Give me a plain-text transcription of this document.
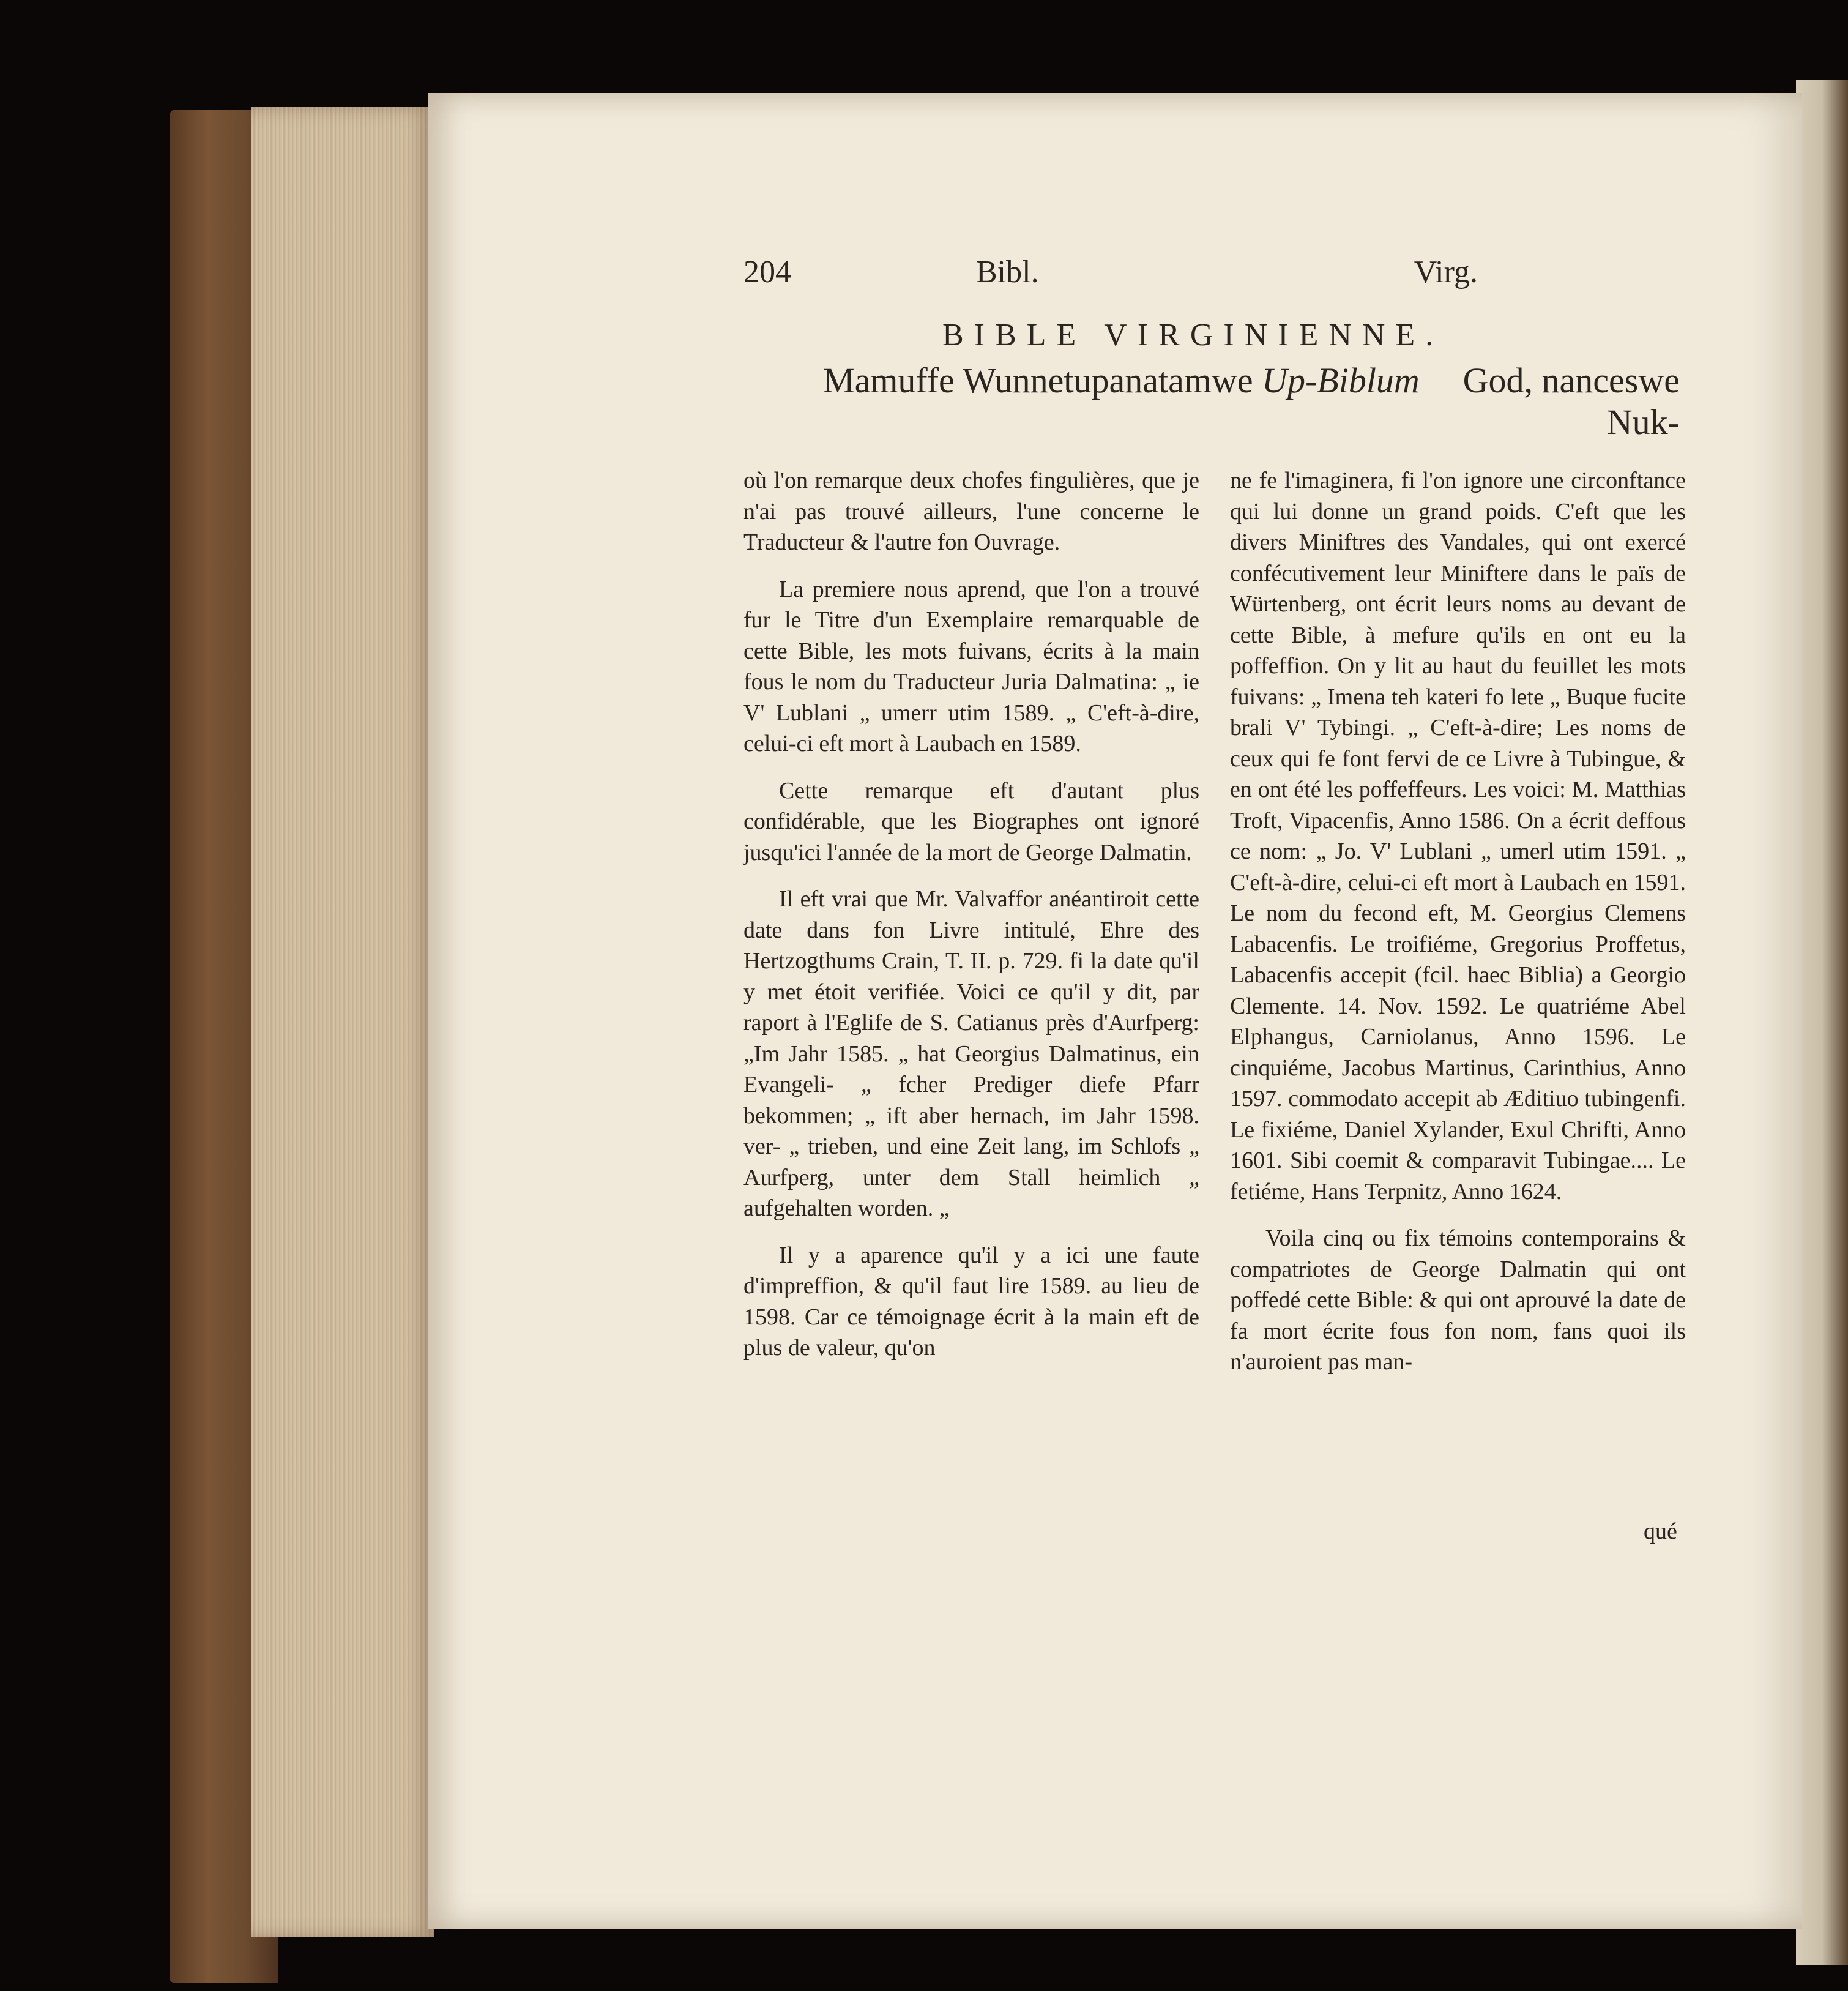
204	Bibl.	Virg.
BIBLE VIRGINIENNE.
Mamuffe Wunnetupanatamwe Up-Biblum God, nanceswe
Nuk-

où l'on remarque deux chofes fingulières, que je n'ai pas trouvé ailleurs, l'une concerne le Traducteur & l'autre fon Ouvrage.

La premiere nous aprend, que l'on a trouvé fur le Titre d'un Exemplaire remarquable de cette Bible, les mots fuivans, écrits à la main fous le nom du Traducteur Juria Dalmatina: „ ie V' Lublani „ umerr utim 1589. „ C'eft-à-dire, celui-ci eft mort à Laubach en 1589.

Cette remarque eft d'autant plus confidérable, que les Biographes ont ignoré jusqu'ici l'année de la mort de George Dalmatin.

Il eft vrai que Mr. Valvaffor anéantiroit cette date dans fon Livre intitulé, Ehre des Hertzogthums Crain, T. II. p. 729. fi la date qu'il y met étoit verifiée. Voici ce qu'il y dit, par raport à l'Eglife de S. Catianus près d'Aurfperg: „Im Jahr 1585. „ hat Georgius Dalmatinus, ein Evangeli- „ fcher Prediger diefe Pfarr bekommen; „ ift aber hernach, im Jahr 1598. ver- „ trieben, und eine Zeit lang, im Schlofs „ Aurfperg, unter dem Stall heimlich „ aufgehalten worden. „

Il y a aparence qu'il y a ici une faute d'impreffion, & qu'il faut lire 1589. au lieu de 1598. Car ce témoignage écrit à la main eft de plus de valeur, qu'on

ne fe l'imaginera, fi l'on ignore une circonftance qui lui donne un grand poids. C'eft que les divers Miniftres des Vandales, qui ont exercé confécutivement leur Miniftere dans le païs de Würtenberg, ont écrit leurs noms au devant de cette Bible, à mefure qu'ils en ont eu la poffeffion. On y lit au haut du feuillet les mots fuivans: „ Imena teh kateri fo lete „ Buque fucite brali V' Tybingi. „ C'eft-à-dire; Les noms de ceux qui fe font fervi de ce Livre à Tubingue, & en ont été les poffeffeurs. Les voici: M. Matthias Troft, Vipacenfis, Anno 1586. On a écrit deffous ce nom: „ Jo. V' Lublani „ umerl utim 1591. „ C'eft-à-dire, celui-ci eft mort à Laubach en 1591. Le nom du fecond eft, M. Georgius Clemens Labacenfis. Le troifiéme, Gregorius Proffetus, Labacenfis accepit (fcil. haec Biblia) a Georgio Clemente. 14. Nov. 1592. Le quatriéme Abel Elphangus, Carniolanus, Anno 1596. Le cinquiéme, Jacobus Martinus, Carinthius, Anno 1597. commodato accepit ab Æditiuo tubingenfi. Le fixiéme, Daniel Xylander, Exul Chrifti, Anno 1601. Sibi coemit & comparavit Tubingae.... Le fetiéme, Hans Terpnitz, Anno 1624.

Voila cinq ou fix témoins contemporains & compatriotes de George Dalmatin qui ont poffedé cette Bible: & qui ont aprouvé la date de fa mort écrite fous fon nom, fans quoi ils n'auroient pas man-

qué
